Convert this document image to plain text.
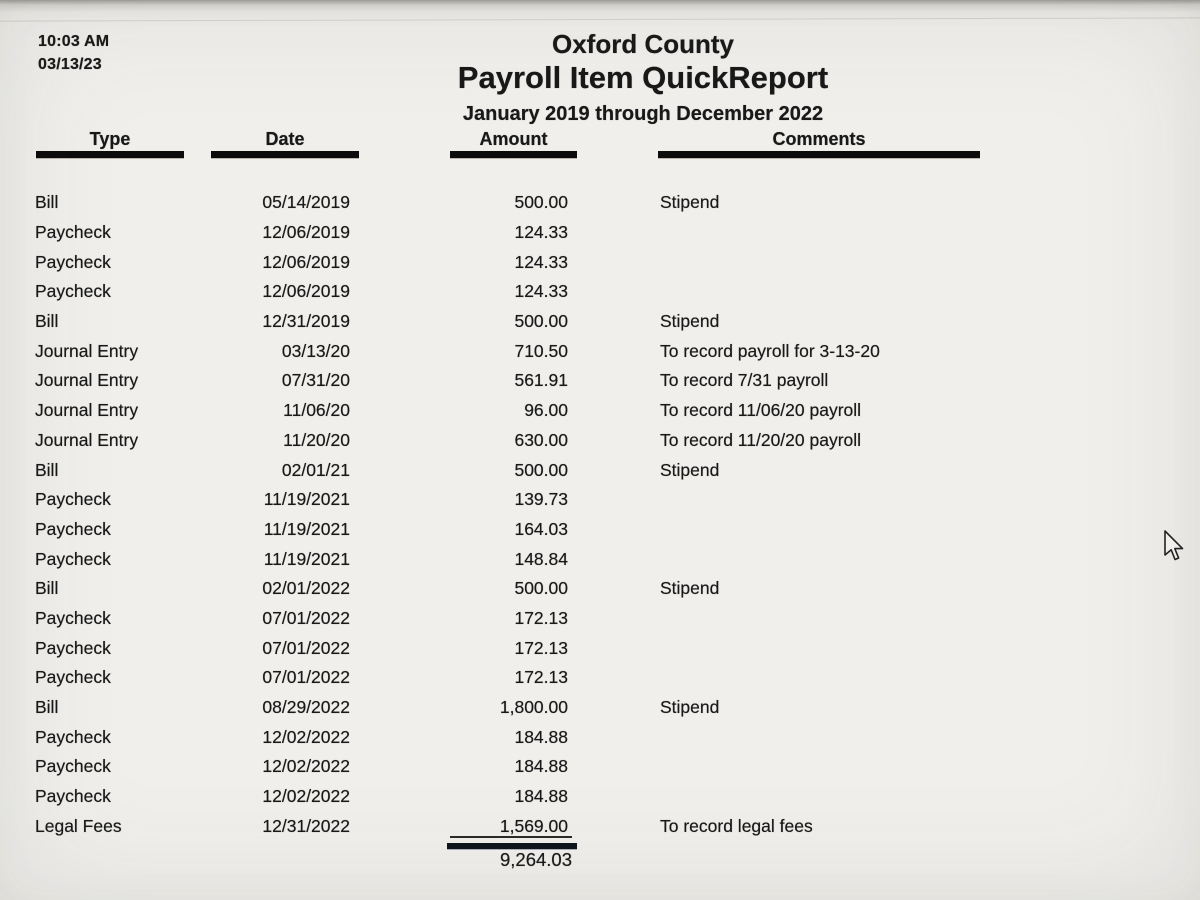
10:03 AM
03/13/23
Oxford County
Payroll Item QuickReport
January 2019 through December 2022
Type	Date	Amount	Comments
Bill	05/14/2019	500.00	Stipend
Paycheck	12/06/2019	124.33
Paycheck	12/06/2019	124.33
Paycheck	12/06/2019	124.33
Bill	12/31/2019	500.00	Stipend
Journal Entry	03/13/20	710.50	To record payroll for 3-13-20
Journal Entry	07/31/20	561.91	To record 7/31 payroll
Journal Entry	11/06/20	96.00	To record 11/06/20 payroll
Journal Entry	11/20/20	630.00	To record 11/20/20 payroll
Bill	02/01/21	500.00	Stipend
Paycheck	11/19/2021	139.73
Paycheck	11/19/2021	164.03
Paycheck	11/19/2021	148.84
Bill	02/01/2022	500.00	Stipend
Paycheck	07/01/2022	172.13
Paycheck	07/01/2022	172.13
Paycheck	07/01/2022	172.13
Bill	08/29/2022	1,800.00	Stipend
Paycheck	12/02/2022	184.88
Paycheck	12/02/2022	184.88
Paycheck	12/02/2022	184.88
Legal Fees	12/31/2022	1,569.00	To record legal fees
9,264.03
